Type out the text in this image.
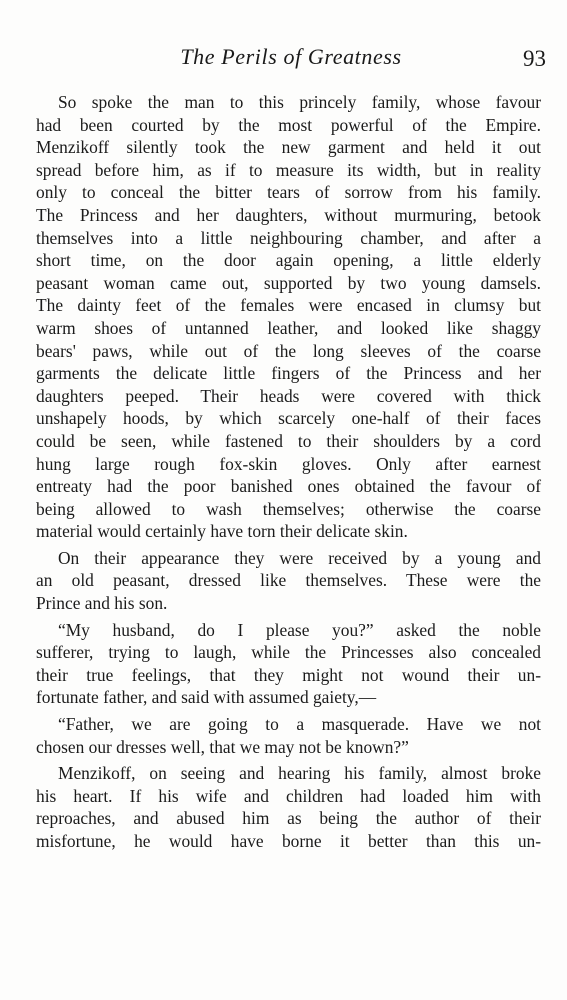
The Perils of Greatness	93
So spoke the man to this princely family, whose favour
had been courted by the most powerful of the Empire.
Menzikoff silently took the new garment and held it out
spread before him, as if to measure its width, but in reality
only to conceal the bitter tears of sorrow from his family.
The Princess and her daughters, without murmuring, betook
themselves into a little neighbouring chamber, and after a
short time, on the door again opening, a little elderly
peasant woman came out, supported by two young damsels.
The dainty feet of the females were encased in clumsy but
warm shoes of untanned leather, and looked like shaggy
bears' paws, while out of the long sleeves of the coarse
garments the delicate little fingers of the Princess and her
daughters peeped. Their heads were covered with thick
unshapely hoods, by which scarcely one-half of their faces
could be seen, while fastened to their shoulders by a cord
hung large rough fox-skin gloves. Only after earnest
entreaty had the poor banished ones obtained the favour of
being allowed to wash themselves; otherwise the coarse
material would certainly have torn their delicate skin.
On their appearance they were received by a young and
an old peasant, dressed like themselves. These were the
Prince and his son.
“My husband, do I please you?” asked the noble
sufferer, trying to laugh, while the Princesses also concealed
their true feelings, that they might not wound their un-
fortunate father, and said with assumed gaiety,—
“Father, we are going to a masquerade. Have we not
chosen our dresses well, that we may not be known?”
Menzikoff, on seeing and hearing his family, almost broke
his heart. If his wife and children had loaded him with
reproaches, and abused him as being the author of their
misfortune, he would have borne it better than this un-
